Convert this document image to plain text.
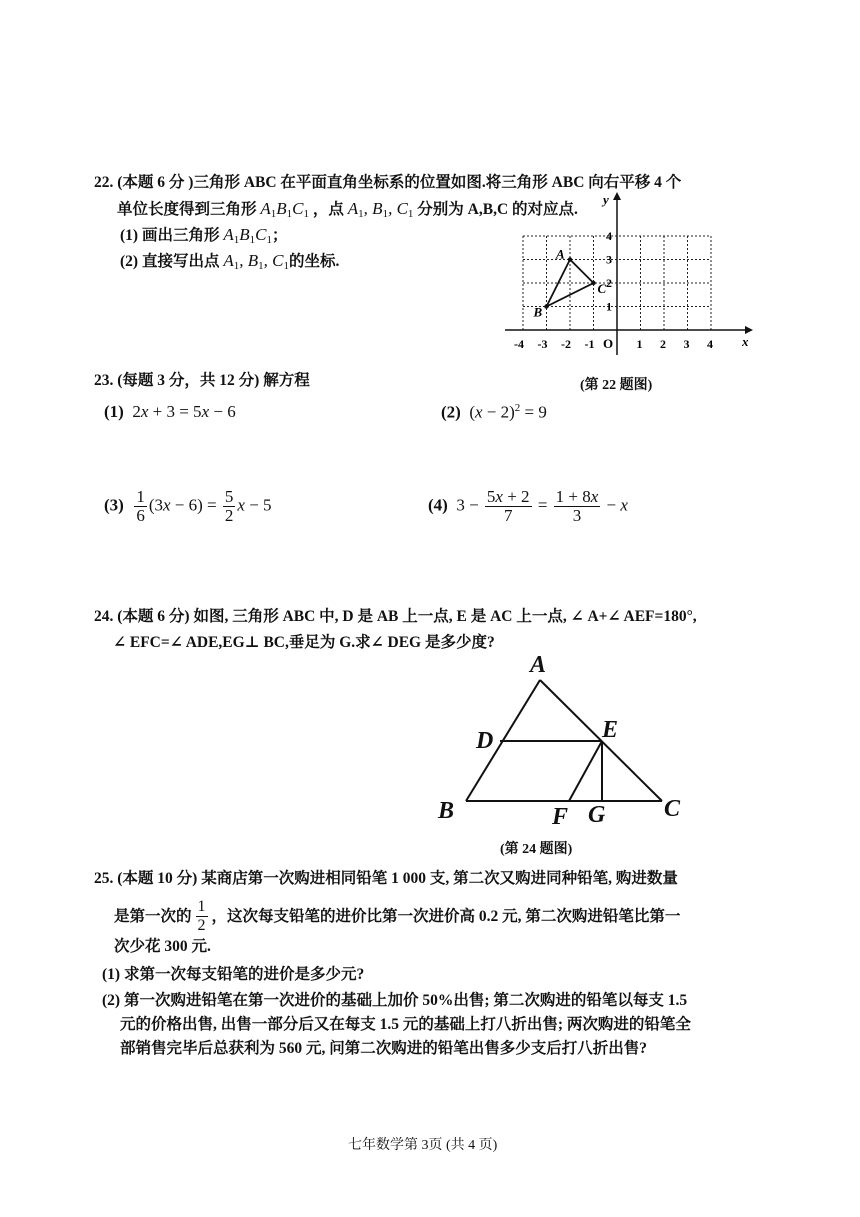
22. (本题 6 分 )三角形 ABC 在平面直角坐标系的位置如图.将三角形 ABC 向右平移 4 个
单位长度得到三角形 $A_1B_1C_1$ ，点 $A_1$, $B_1$, $C_1$ 分别为 A,B,C 的对应点.
(1) 画出三角形 $A_1B_1C_1$；
(2) 直接写出点 $A_1$, $B_1$, $C_1$的坐标.
x
y
O
-4 -3 -2 -1	1 2 3 4
1
2
3
4
A
B
C
(第 22 题图)
23. (每题 3 分，共 12 分) 解方程
(1)  2x + 3 = 5x − 6	(2)  $(x - 2)^2 = 9$
$(3) \frac{1}{6} (3x - 6) = \frac{5}{2}$ x − 5	(4)  $3 - \frac{5x + 2}{7} = \frac{1 + 8x}{3} - x$
24. (本题 6 分) 如图, 三角形 ABC 中, D 是 AB 上一点, E 是 AC 上一点, ∠ A+∠ AEF=180°,
∠ EFC=∠ ADE,EG⊥ BC,垂足为 G.求∠ DEG 是多少度?
A
D	E
B	F G C
(第 24 题图)
25. (本题 10 分) 某商店第一次购进相同铅笔 1 000 支, 第二次又购进同种铅笔, 购进数量
是第一次的 $\frac{1}{2}$ ，这次每支铅笔的进价比第一次进价高 0.2 元, 第二次购进铅笔比第一
次少花 300 元.
(1) 求第一次每支铅笔的进价是多少元?
(2) 第一次购进铅笔在第一次进价的基础上加价 50%出售; 第二次购进的铅笔以每支 1.5
元的价格出售, 出售一部分后又在每支 1.5 元的基础上打八折出售; 两次购进的铅笔全
部销售完毕后总获利为 560 元, 问第二次购进的铅笔出售多少支后打八折出售?
七年数学第 3页 (共 4 页)
